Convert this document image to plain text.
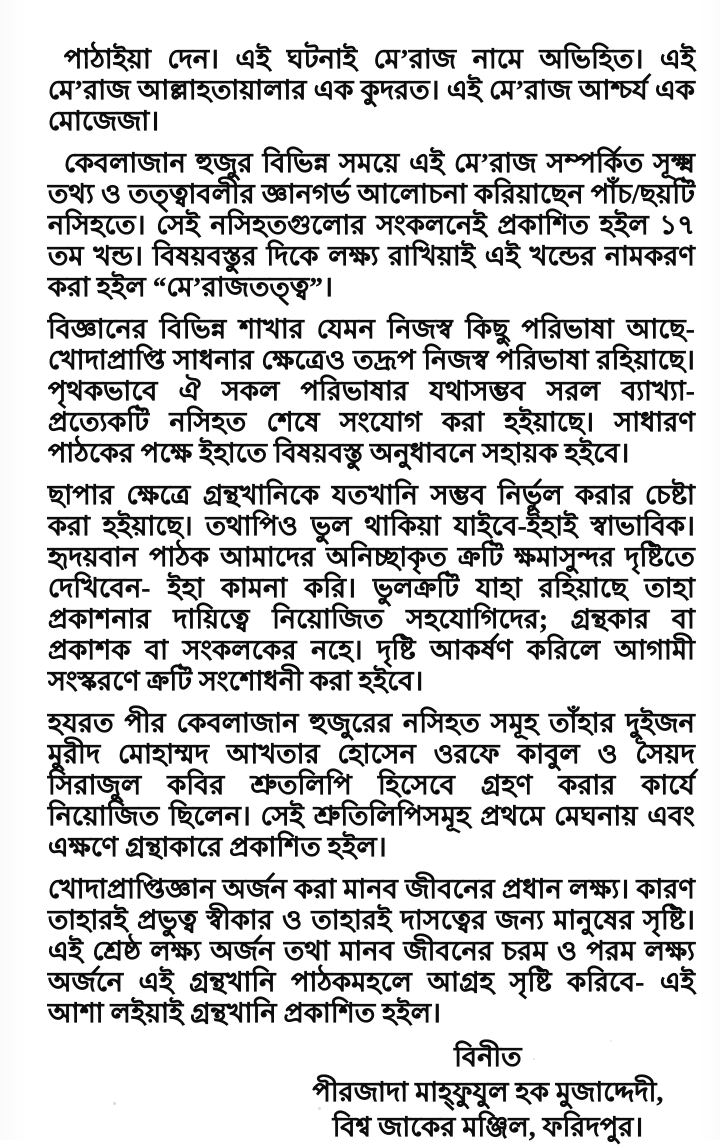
পাঠাইয়া দেন। এই ঘটনাই মে’রাজ নামে অভিহিত। এই মে’রাজ আল্লাহতায়ালার এক কুদরত। এই মে’রাজ আশ্চর্য এক মোজেজা।

কেবলাজান হুজুর বিভিন্ন সময়ে এই মে’রাজ সম্পর্কিত সূক্ষ্ম তথ্য ও তত্ত্বাবলীর জ্ঞানগর্ভ আলোচনা করিয়াছেন পাঁচ/ছয়টি নসিহতে। সেই নসিহতগুলোর সংকলনেই প্রকাশিত হইল ১৭ তম খন্ড। বিষয়বস্তুর দিকে লক্ষ্য রাখিয়াই এই খন্ডের নামকরণ করা হইল “মে’রাজতত্ত্ব”।

বিজ্ঞানের বিভিন্ন শাখার যেমন নিজস্ব কিছু পরিভাষা আছে- খোদাপ্রাপ্তি সাধনার ক্ষেত্রেও তদ্রূপ নিজস্ব পরিভাষা রহিয়াছে। পৃথকভাবে ঐ সকল পরিভাষার যথাসম্ভব সরল ব্যাখ্যা-প্রত্যেকটি নসিহত শেষে সংযোগ করা হইয়াছে। সাধারণ পাঠকের পক্ষে ইহাতে বিষয়বস্তু অনুধাবনে সহায়ক হইবে।

ছাপার ক্ষেত্রে গ্রন্থখানিকে যতখানি সম্ভব নির্ভুল করার চেষ্টা করা হইয়াছে। তথাপিও ভুল থাকিয়া যাইবে-ইহাই স্বাভাবিক। হৃদয়বান পাঠক আমাদের অনিচ্ছাকৃত ক্রটি ক্ষমাসুন্দর দৃষ্টিতে দেখিবেন- ইহা কামনা করি। ভুলক্রটি যাহা রহিয়াছে তাহা প্রকাশনার দায়িত্বে নিয়োজিত সহযোগিদের; গ্রন্থকার বা প্রকাশক বা সংকলকের নহে। দৃষ্টি আকর্ষণ করিলে আগামী সংস্করণে ক্রটি সংশোধনী করা হইবে।

হযরত পীর কেবলাজান হুজুরের নসিহত সমূহ তাঁহার দুইজন মুরীদ মোহাম্মদ আখতার হোসেন ওরফে কাবুল ও সৈয়দ সিরাজুল কবির শ্রুতলিপি হিসেবে গ্রহণ করার কার্যে নিয়োজিত ছিলেন। সেই শ্রুতিলিপিসমূহ প্রথমে মেঘনায় এবং এক্ষণে গ্রন্থাকারে প্রকাশিত হইল।

খোদাপ্রাপ্তিজ্ঞান অর্জন করা মানব জীবনের প্রধান লক্ষ্য। কারণ তাহারই প্রভুত্ব স্বীকার ও তাহারই দাসত্বের জন্য মানুষের সৃষ্টি। এই শ্রেষ্ঠ লক্ষ্য অর্জন তথা মানব জীবনের চরম ও পরম লক্ষ্য অর্জনে এই গ্রন্থখানি পাঠকমহলে আগ্রহ সৃষ্টি করিবে- এই আশা লইয়াই গ্রন্থখানি প্রকাশিত হইল।

বিনীত
পীরজাদা মাহ্‌ফুযুল হক মুজাদ্দেদী,
বিশ্ব জাকের মঞ্জিল, ফরিদপুর।
